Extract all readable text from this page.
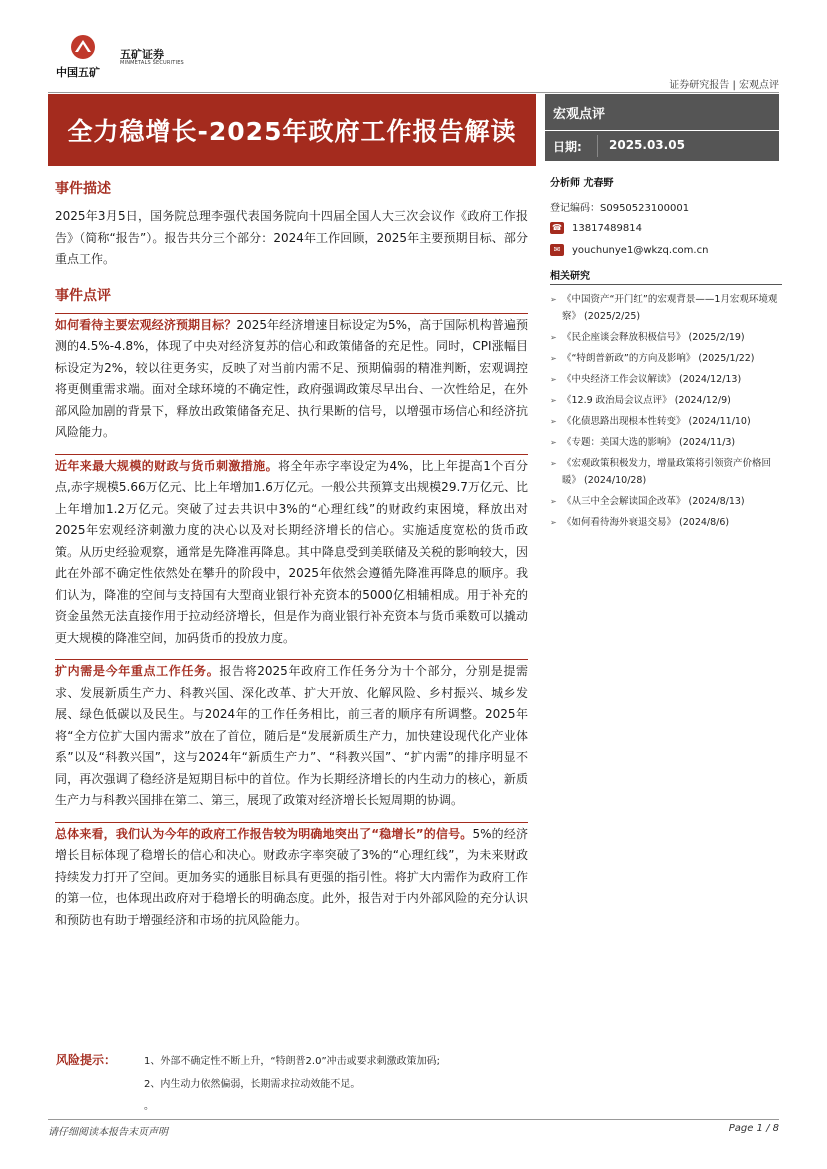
中国五矿
五矿证券
MINMETALS SECURITIES
证券研究报告 | 宏观点评
全力稳增长-2025年政府工作报告解读
宏观点评
日期: 2025.03.05
事件描述

2025年3月5日，国务院总理李强代表国务院向十四届全国人大三次会议作《政府工作报告》（简称“报告”）。报告共分三个部分：2024年工作回顾，2025年主要预期目标、部分重点工作。

事件点评

如何看待主要宏观经济预期目标？2025年经济增速目标设定为5%，高于国际机构普遍预测的4.5%-4.8%，体现了中央对经济复苏的信心和政策储备的充足性。同时，CPI涨幅目标设定为2%，较以往更务实，反映了对当前内需不足、预期偏弱的精准判断，宏观调控将更侧重需求端。面对全球环境的不确定性，政府强调政策尽早出台、一次性给足，在外部风险加剧的背景下，释放出政策储备充足、执行果断的信号，以增强市场信心和经济抗风险能力。

近年来最大规模的财政与货币刺激措施。将全年赤字率设定为4%，比上年提高1个百分点,赤字规模5.66万亿元、比上年增加1.6万亿元。一般公共预算支出规模29.7万亿元、比上年增加1.2万亿元。突破了过去共识中3%的“心理红线”的财政约束困境，释放出对2025年宏观经济刺激力度的决心以及对长期经济增长的信心。实施适度宽松的货币政策。从历史经验观察，通常是先降准再降息。其中降息受到美联储及关税的影响较大，因此在外部不确定性依然处在攀升的阶段中，2025年依然会遵循先降准再降息的顺序。我们认为，降准的空间与支持国有大型商业银行补充资本的5000亿相辅相成。用于补充的资金虽然无法直接作用于拉动经济增长，但是作为商业银行补充资本与货币乘数可以撬动更大规模的降准空间，加码货币的投放力度。

扩内需是今年重点工作任务。报告将2025年政府工作任务分为十个部分，分别是提需求、发展新质生产力、科教兴国、深化改革、扩大开放、化解风险、乡村振兴、城乡发展、绿色低碳以及民生。与2024年的工作任务相比，前三者的顺序有所调整。2025年将“全方位扩大国内需求”放在了首位，随后是“发展新质生产力，加快建设现代化产业体系”以及“科教兴国”，这与2024年“新质生产力”、“科教兴国”、“扩内需”的排序明显不同，再次强调了稳经济是短期目标中的首位。作为长期经济增长的内生动力的核心，新质生产力与科教兴国排在第二、第三，展现了政策对经济增长长短周期的协调。

总体来看，我们认为今年的政府工作报告较为明确地突出了“稳增长”的信号。5%的经济增长目标体现了稳增长的信心和决心。财政赤字率突破了3%的“心理红线”，为未来财政持续发力打开了空间。更加务实的通胀目标具有更强的指引性。将扩大内需作为政府工作的第一位，也体现出政府对于稳增长的明确态度。此外，报告对于内外部风险的充分认识和预防也有助于增强经济和市场的抗风险能力。

分析师 尤春野
登记编码：S0950523100001
☎ 13817489814
✉	youchunye1@wkzq.com.cn
相关研究
➢ 《中国资产“开门红”的宏观背景——1月宏观环境观察》 (2025/2/25)
➢ 《民企座谈会释放积极信号》 (2025/2/19)
➢ 《“特朗普新政”的方向及影响》 (2025/1/22)
➢ 《中央经济工作会议解读》 (2024/12/13)
➢ 《12.9 政治局会议点评》 (2024/12/9)
➢ 《化债思路出现根本性转变》 (2024/11/10)
➢ 《专题：美国大选的影响》 (2024/11/3)
➢ 《宏观政策积极发力，增量政策将引领资产价格回暖》 (2024/10/28)
➢ 《从三中全会解读国企改革》 (2024/8/13)
➢ 《如何看待海外衰退交易》 (2024/8/6)
风险提示：	1、外部不确定性不断上升，“特朗普2.0”冲击或要求刺激政策加码;
2、内生动力依然偏弱，长期需求拉动效能不足。
。
请仔细阅读本报告末页声明	Page 1 / 8
